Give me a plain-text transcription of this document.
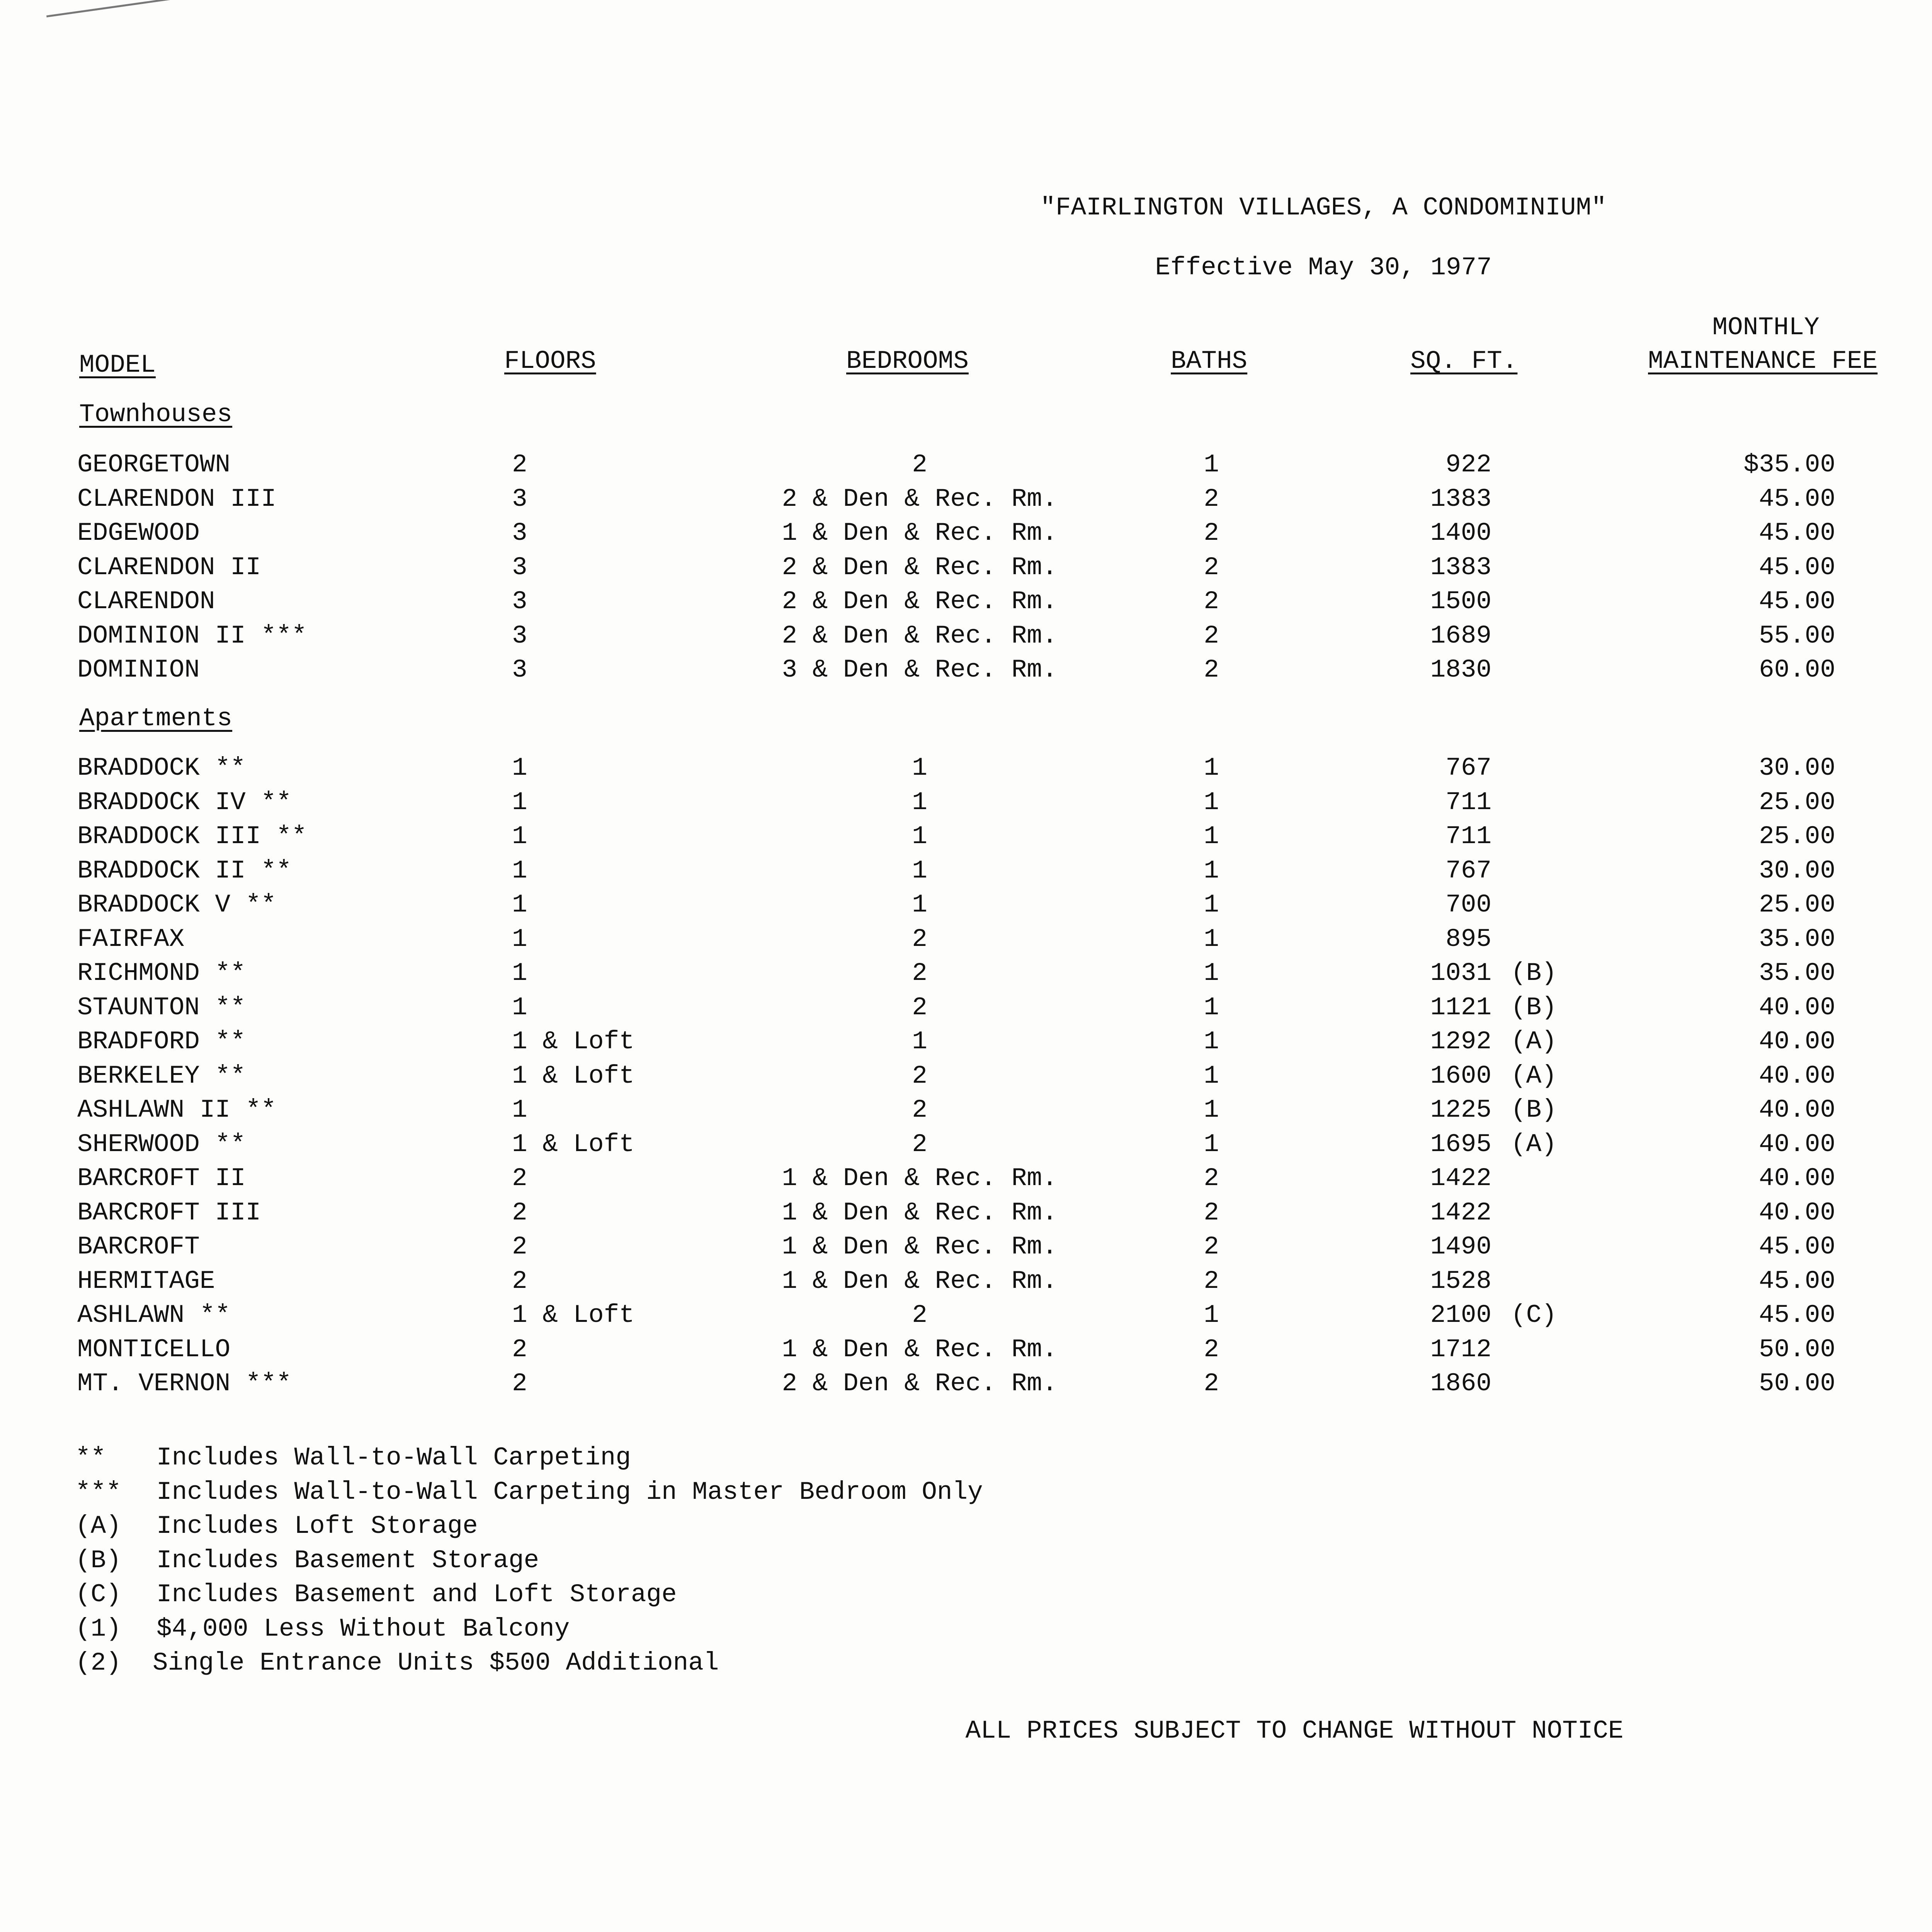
"FAIRLINGTON VILLAGES, A CONDOMINIUM"
Effective May 30, 1977
MODEL	FLOORS	BEDROOMS	BATHS	SQ. FT.
MONTHLY
MAINTENANCE FEE
Townhouses
GEORGETOWN	2	2	1	922	$35.00
CLARENDON III	3	2 & Den & Rec. Rm.	2	1383	45.00
EDGEWOOD	3	1 & Den & Rec. Rm.	2	1400	45.00
CLARENDON II	3	2 & Den & Rec. Rm.	2	1383	45.00
CLARENDON	3	2 & Den & Rec. Rm.	2	1500	45.00
DOMINION II ***	3	2 & Den & Rec. Rm.	2	1689	55.00
DOMINION	3	3 & Den & Rec. Rm.	2	1830	60.00
Apartments
BRADDOCK **	1	1	1	767	30.00
BRADDOCK IV **	1	1	1	711	25.00
BRADDOCK III **	1	1	1	711	25.00
BRADDOCK II **	1	1	1	767	30.00
BRADDOCK V **	1	1	1	700	25.00
FAIRFAX	1	2	1	895	35.00
RICHMOND **	1	2	1	1031 (B)	35.00
STAUNTON **	1	2	1	1121 (B)	40.00
BRADFORD **	1 & Loft	1	1	1292 (A)	40.00
BERKELEY **	1 & Loft	2	1	1600 (A)	40.00
ASHLAWN II **	1	2	1	1225 (B)	40.00
SHERWOOD **	1 & Loft	2	1	1695 (A)	40.00
BARCROFT II	2	1 & Den & Rec. Rm.	2	1422	40.00
BARCROFT III	2	1 & Den & Rec. Rm.	2	1422	40.00
BARCROFT	2	1 & Den & Rec. Rm.	2	1490	45.00
HERMITAGE	2	1 & Den & Rec. Rm.	2	1528	45.00
ASHLAWN **	1 & Loft	2	1	2100 (C)	45.00
MONTICELLO	2	1 & Den & Rec. Rm.	2	1712	50.00
MT. VERNON ***	2	2 & Den & Rec. Rm.	2	1860	50.00
** Includes Wall-to-Wall Carpeting
*** Includes Wall-to-Wall Carpeting in Master Bedroom Only
(A) Includes Loft Storage
(B) Includes Basement Storage
(C) Includes Basement and Loft Storage
(1) $4,000 Less Without Balcony
(2) Single Entrance Units $500 Additional
ALL PRICES SUBJECT TO CHANGE WITHOUT NOTICE
